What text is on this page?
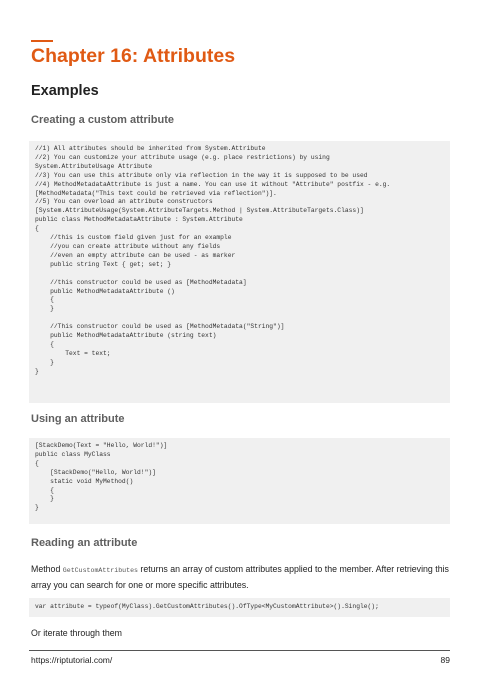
Chapter 16: Attributes
Examples
Creating a custom attribute
//1) All attributes should be inherited from System.Attribute
//2) You can customize your attribute usage (e.g. place restrictions) by using
System.AttributeUsage Attribute
//3) You can use this attribute only via reflection in the way it is supposed to be used
//4) MethodMetadataAttribute is just a name. You can use it without "Attribute" postfix - e.g.
[MethodMetadata("This text could be retrieved via reflection")].
//5) You can overload an attribute constructors
[System.AttributeUsage(System.AttributeTargets.Method | System.AttributeTargets.Class)]
public class MethodMetadataAttribute : System.Attribute
{
//this is custom field given just for an example
//you can create attribute without any fields
//even an empty attribute can be used - as marker
public string Text { get; set; }

//this constructor could be used as [MethodMetadata]
public MethodMetadataAttribute ()
{
}

//This constructor could be used as [MethodMetadata("String")]
public MethodMetadataAttribute (string text)
{
Text = text;
}
}
Using an attribute
[StackDemo(Text = "Hello, World!")]
public class MyClass
{
[StackDemo("Hello, World!")]
static void MyMethod()
{
}
}
Reading an attribute
Method GetCustomAttributes returns an array of custom attributes applied to the member. After retrieving this array you can search for one or more specific attributes.
var attribute = typeof(MyClass).GetCustomAttributes().OfType<MyCustomAttribute>().Single();
Or iterate through them
https://riptutorial.com/	89
